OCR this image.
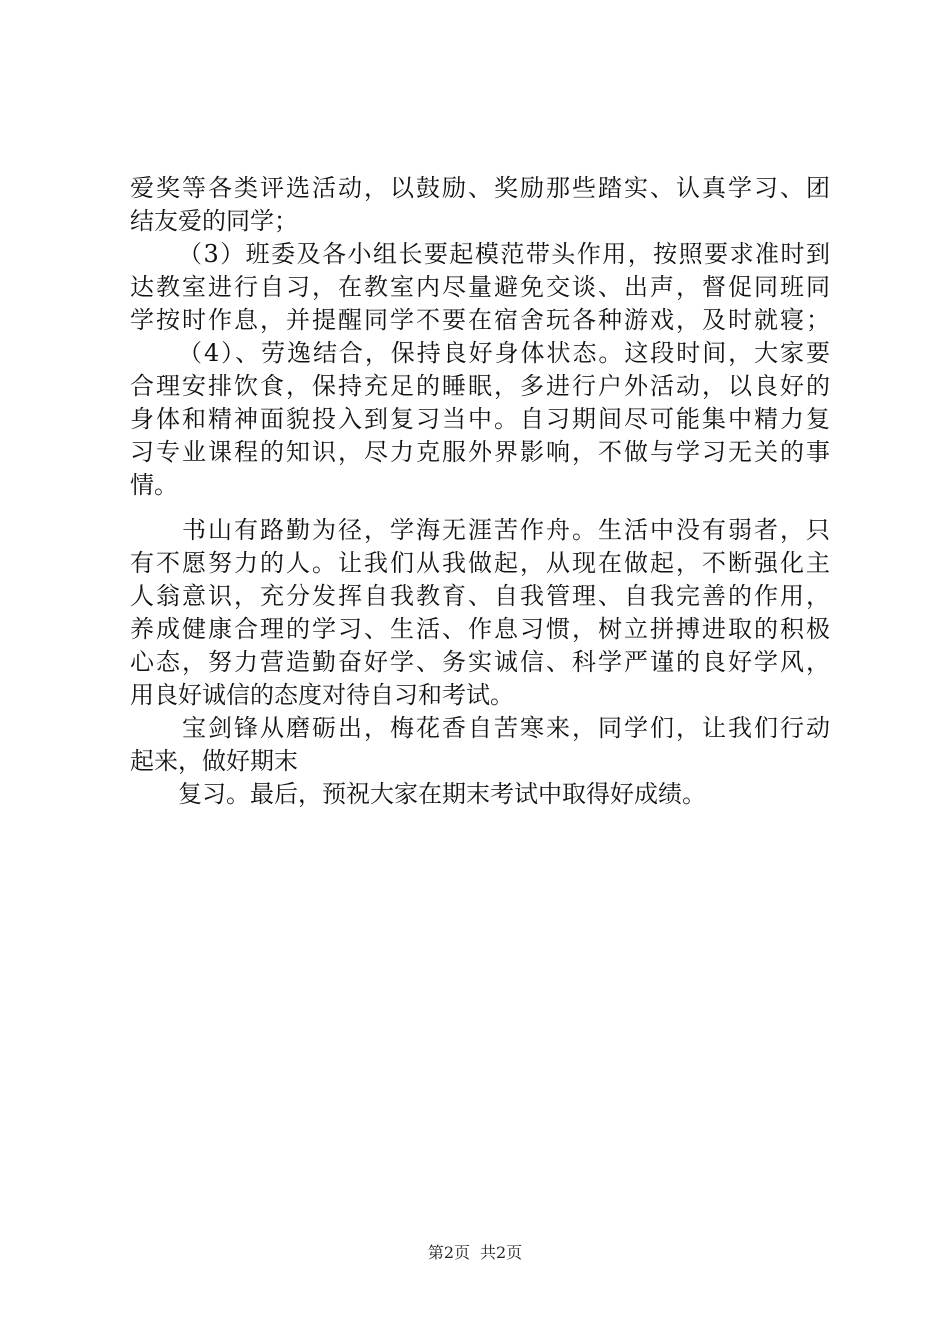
爱奖等各类评选活动，以鼓励、奖励那些踏实、认真学习、团
结友爱的同学；
（3）班委及各小组长要起模范带头作用，按照要求准时到
达教室进行自习，在教室内尽量避免交谈、出声，督促同班同
学按时作息，并提醒同学不要在宿舍玩各种游戏，及时就寝；
（4）、劳逸结合，保持良好身体状态。这段时间，大家要
合理安排饮食，保持充足的睡眠，多进行户外活动，以良好的
身体和精神面貌投入到复习当中。自习期间尽可能集中精力复
习专业课程的知识，尽力克服外界影响，不做与学习无关的事
情。
书山有路勤为径，学海无涯苦作舟。生活中没有弱者，只
有不愿努力的人。让我们从我做起，从现在做起，不断强化主
人翁意识，充分发挥自我教育、自我管理、自我完善的作用，
养成健康合理的学习、生活、作息习惯，树立拼搏进取的积极
心态，努力营造勤奋好学、务实诚信、科学严谨的良好学风，
用良好诚信的态度对待自习和考试。
宝剑锋从磨砺出，梅花香自苦寒来，同学们，让我们行动
起来，做好期末
复习。最后，预祝大家在期末考试中取得好成绩。
第2页 共2页
